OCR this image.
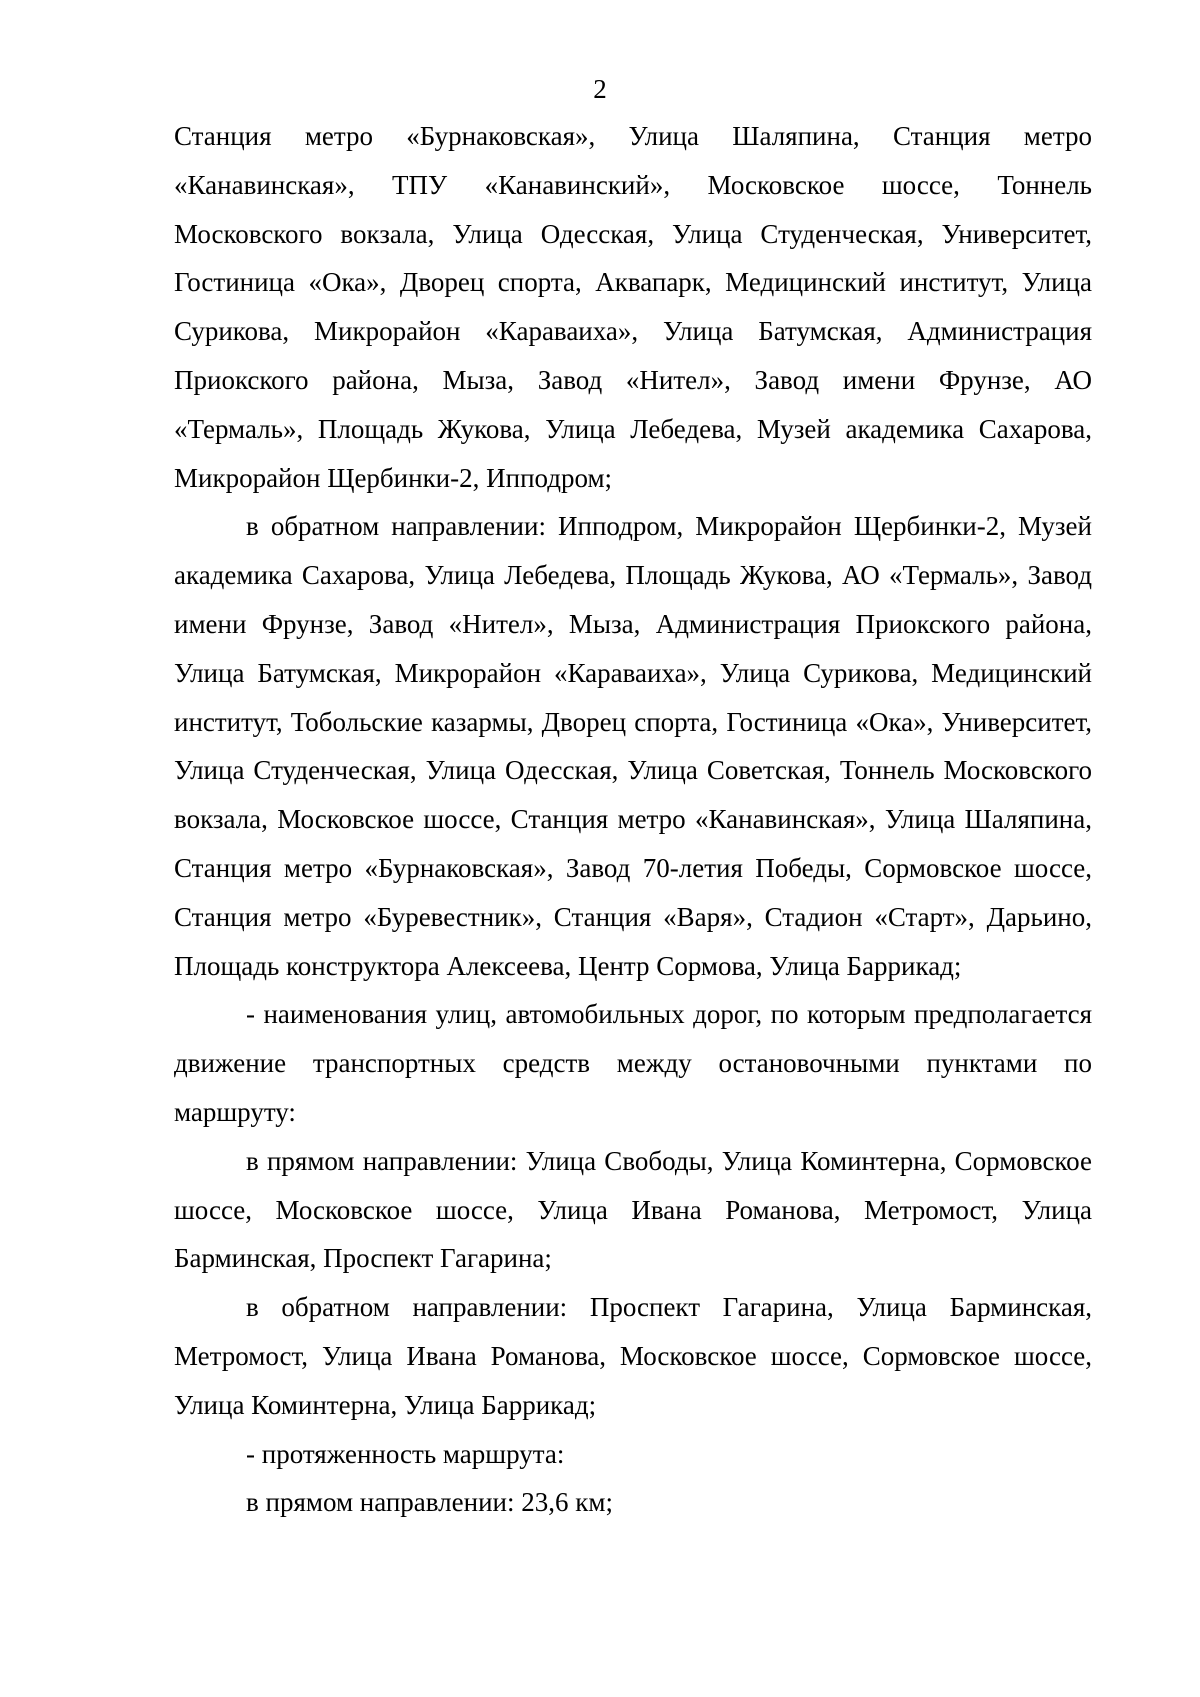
2

Станция метро «Бурнаковская», Улица Шаляпина, Станция метро «Канавинская», ТПУ «Канавинский», Московское шоссе, Тоннель Московского вокзала, Улица Одесская, Улица Студенческая, Университет, Гостиница «Ока», Дворец спорта, Аквапарк, Медицинский институт, Улица Сурикова, Микрорайон «Караваиха», Улица Батумская, Администрация Приокского района, Мыза, Завод «Нител», Завод имени Фрунзе, АО «Термаль», Площадь Жукова, Улица Лебедева, Музей академика Сахарова, Микрорайон Щербинки-2, Ипподром;

в обратном направлении: Ипподром, Микрорайон Щербинки-2, Музей академика Сахарова, Улица Лебедева, Площадь Жукова, АО «Термаль», Завод имени Фрунзе, Завод «Нител», Мыза, Администрация Приокского района, Улица Батумская, Микрорайон «Караваиха», Улица Сурикова, Медицинский институт, Тобольские казармы, Дворец спорта, Гостиница «Ока», Университет, Улица Студенческая, Улица Одесская, Улица Советская, Тоннель Московского вокзала, Московское шоссе, Станция метро «Канавинская», Улица Шаляпина, Станция метро «Бурнаковская», Завод 70-летия Победы, Сормовское шоссе, Станция метро «Буревестник», Станция «Варя», Стадион «Старт», Дарьино, Площадь конструктора Алексеева, Центр Сормова, Улица Баррикад;

- наименования улиц, автомобильных дорог, по которым предполагается движение транспортных средств между остановочными пунктами по маршруту:

в прямом направлении: Улица Свободы, Улица Коминтерна, Сормовское шоссе, Московское шоссе, Улица Ивана Романова, Метромост, Улица Барминская, Проспект Гагарина;

в обратном направлении: Проспект Гагарина, Улица Барминская, Метромост, Улица Ивана Романова, Московское шоссе, Сормовское шоссе, Улица Коминтерна, Улица Баррикад;

- протяженность маршрута:

в прямом направлении: 23,6 км;
